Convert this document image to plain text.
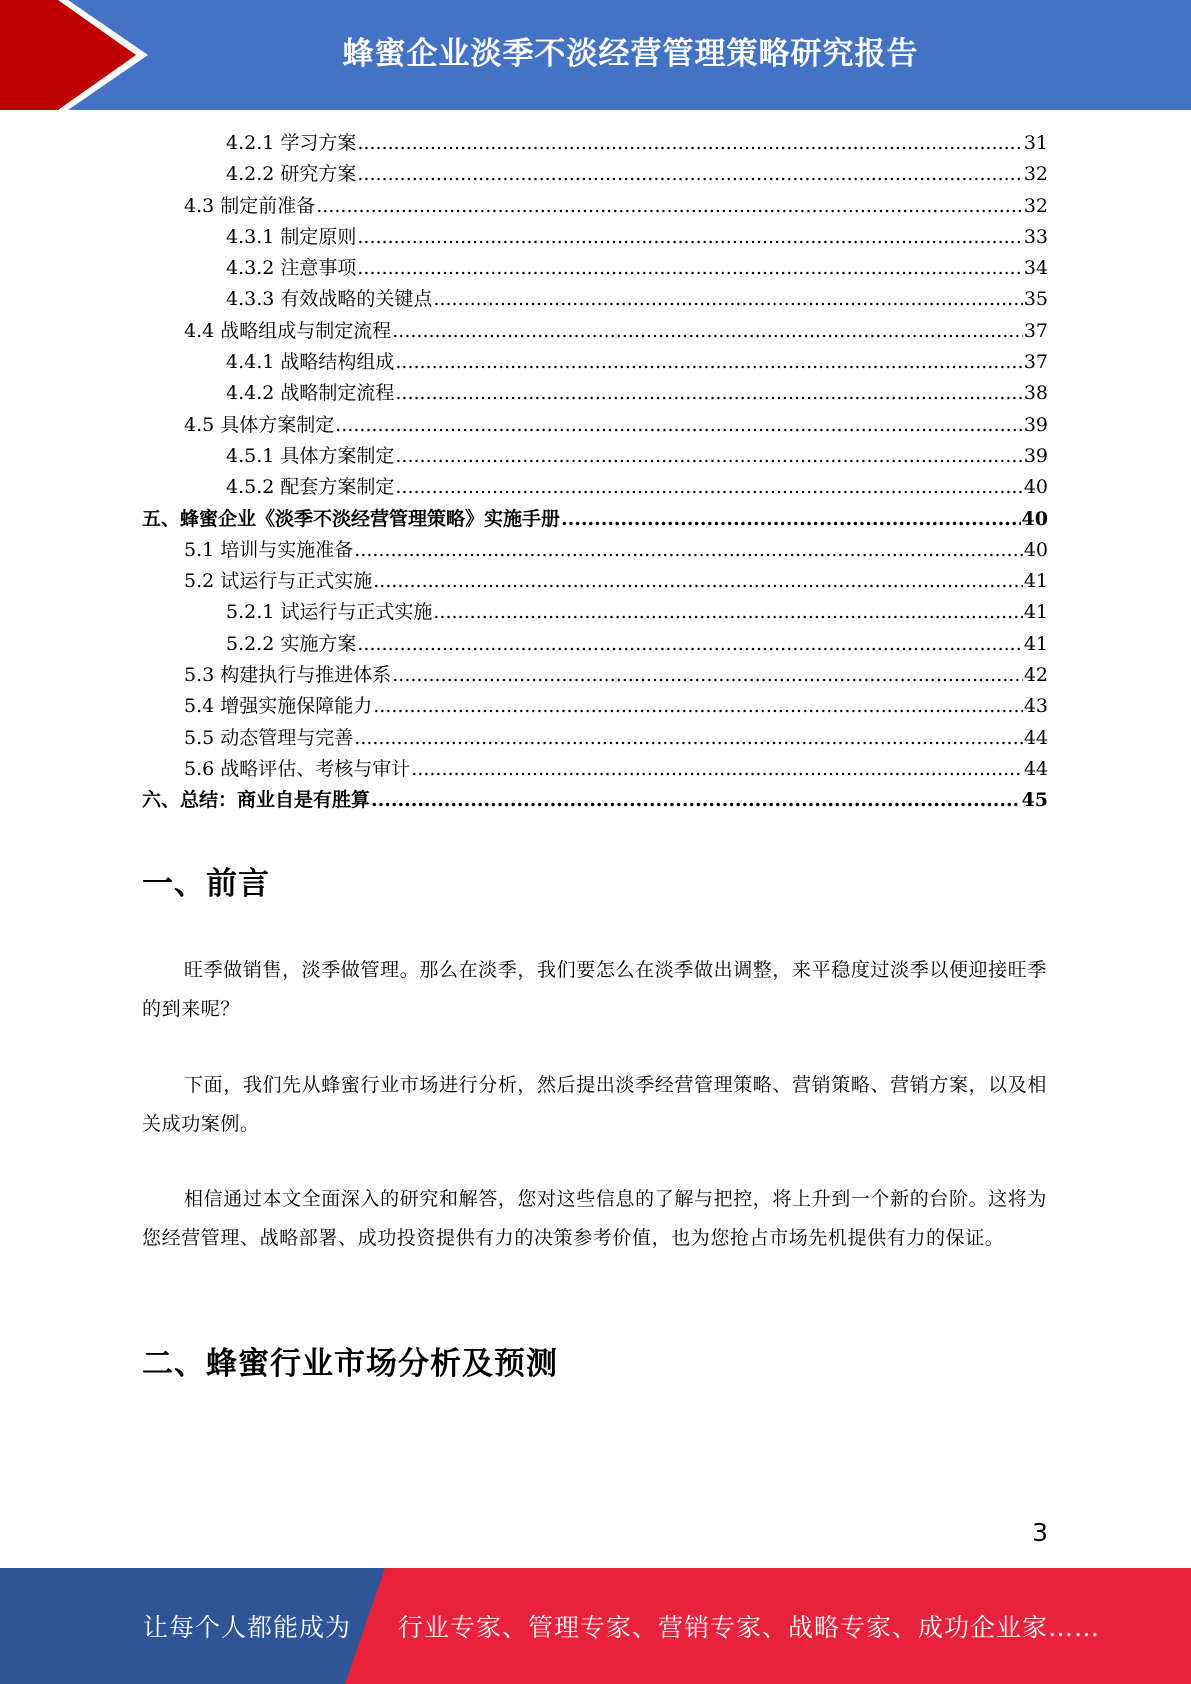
蜂蜜企业淡季不淡经营管理策略研究报告
4.2.1 学习方案 .....	31
4.2.2 研究方案 .....	32
4.3 制定前准备 .....	32
4.3.1 制定原则 .....	33
4.3.2 注意事项 .....	34
4.3.3 有效战略的关键点 .....	35
4.4 战略组成与制定流程 .....	37
4.4.1 战略结构组成 .....	37
4.4.2 战略制定流程 .....	38
4.5 具体方案制定 .....	39
4.5.1 具体方案制定 .....	39
4.5.2 配套方案制定 .....	40
五、蜂蜜企业《淡季不淡经营管理策略》实施手册 .....	40
5.1 培训与实施准备 .....	40
5.2 试运行与正式实施 .....	41
5.2.1 试运行与正式实施 .....	41
5.2.2 实施方案 .....	41
5.3 构建执行与推进体系 .....	42
5.4 增强实施保障能力 .....	43
5.5 动态管理与完善 .....	44
5.6 战略评估、考核与审计 .....	44
六、总结：商业自是有胜算 .....	45
一、前言
旺季做销售，淡季做管理。那么在淡季，我们要怎么在淡季做出调整，来平稳度过淡季以便迎接旺季的到来呢？
下面，我们先从蜂蜜行业市场进行分析，然后提出淡季经营管理策略、营销策略、营销方案，以及相关成功案例。
相信通过本文全面深入的研究和解答，您对这些信息的了解与把控，将上升到一个新的台阶。这将为您经营管理、战略部署、成功投资提供有力的决策参考价值，也为您抢占市场先机提供有力的保证。
二、蜂蜜行业市场分析及预测
3
让每个人都能成为 行业专家、管理专家、营销专家、战略专家、成功企业家……
